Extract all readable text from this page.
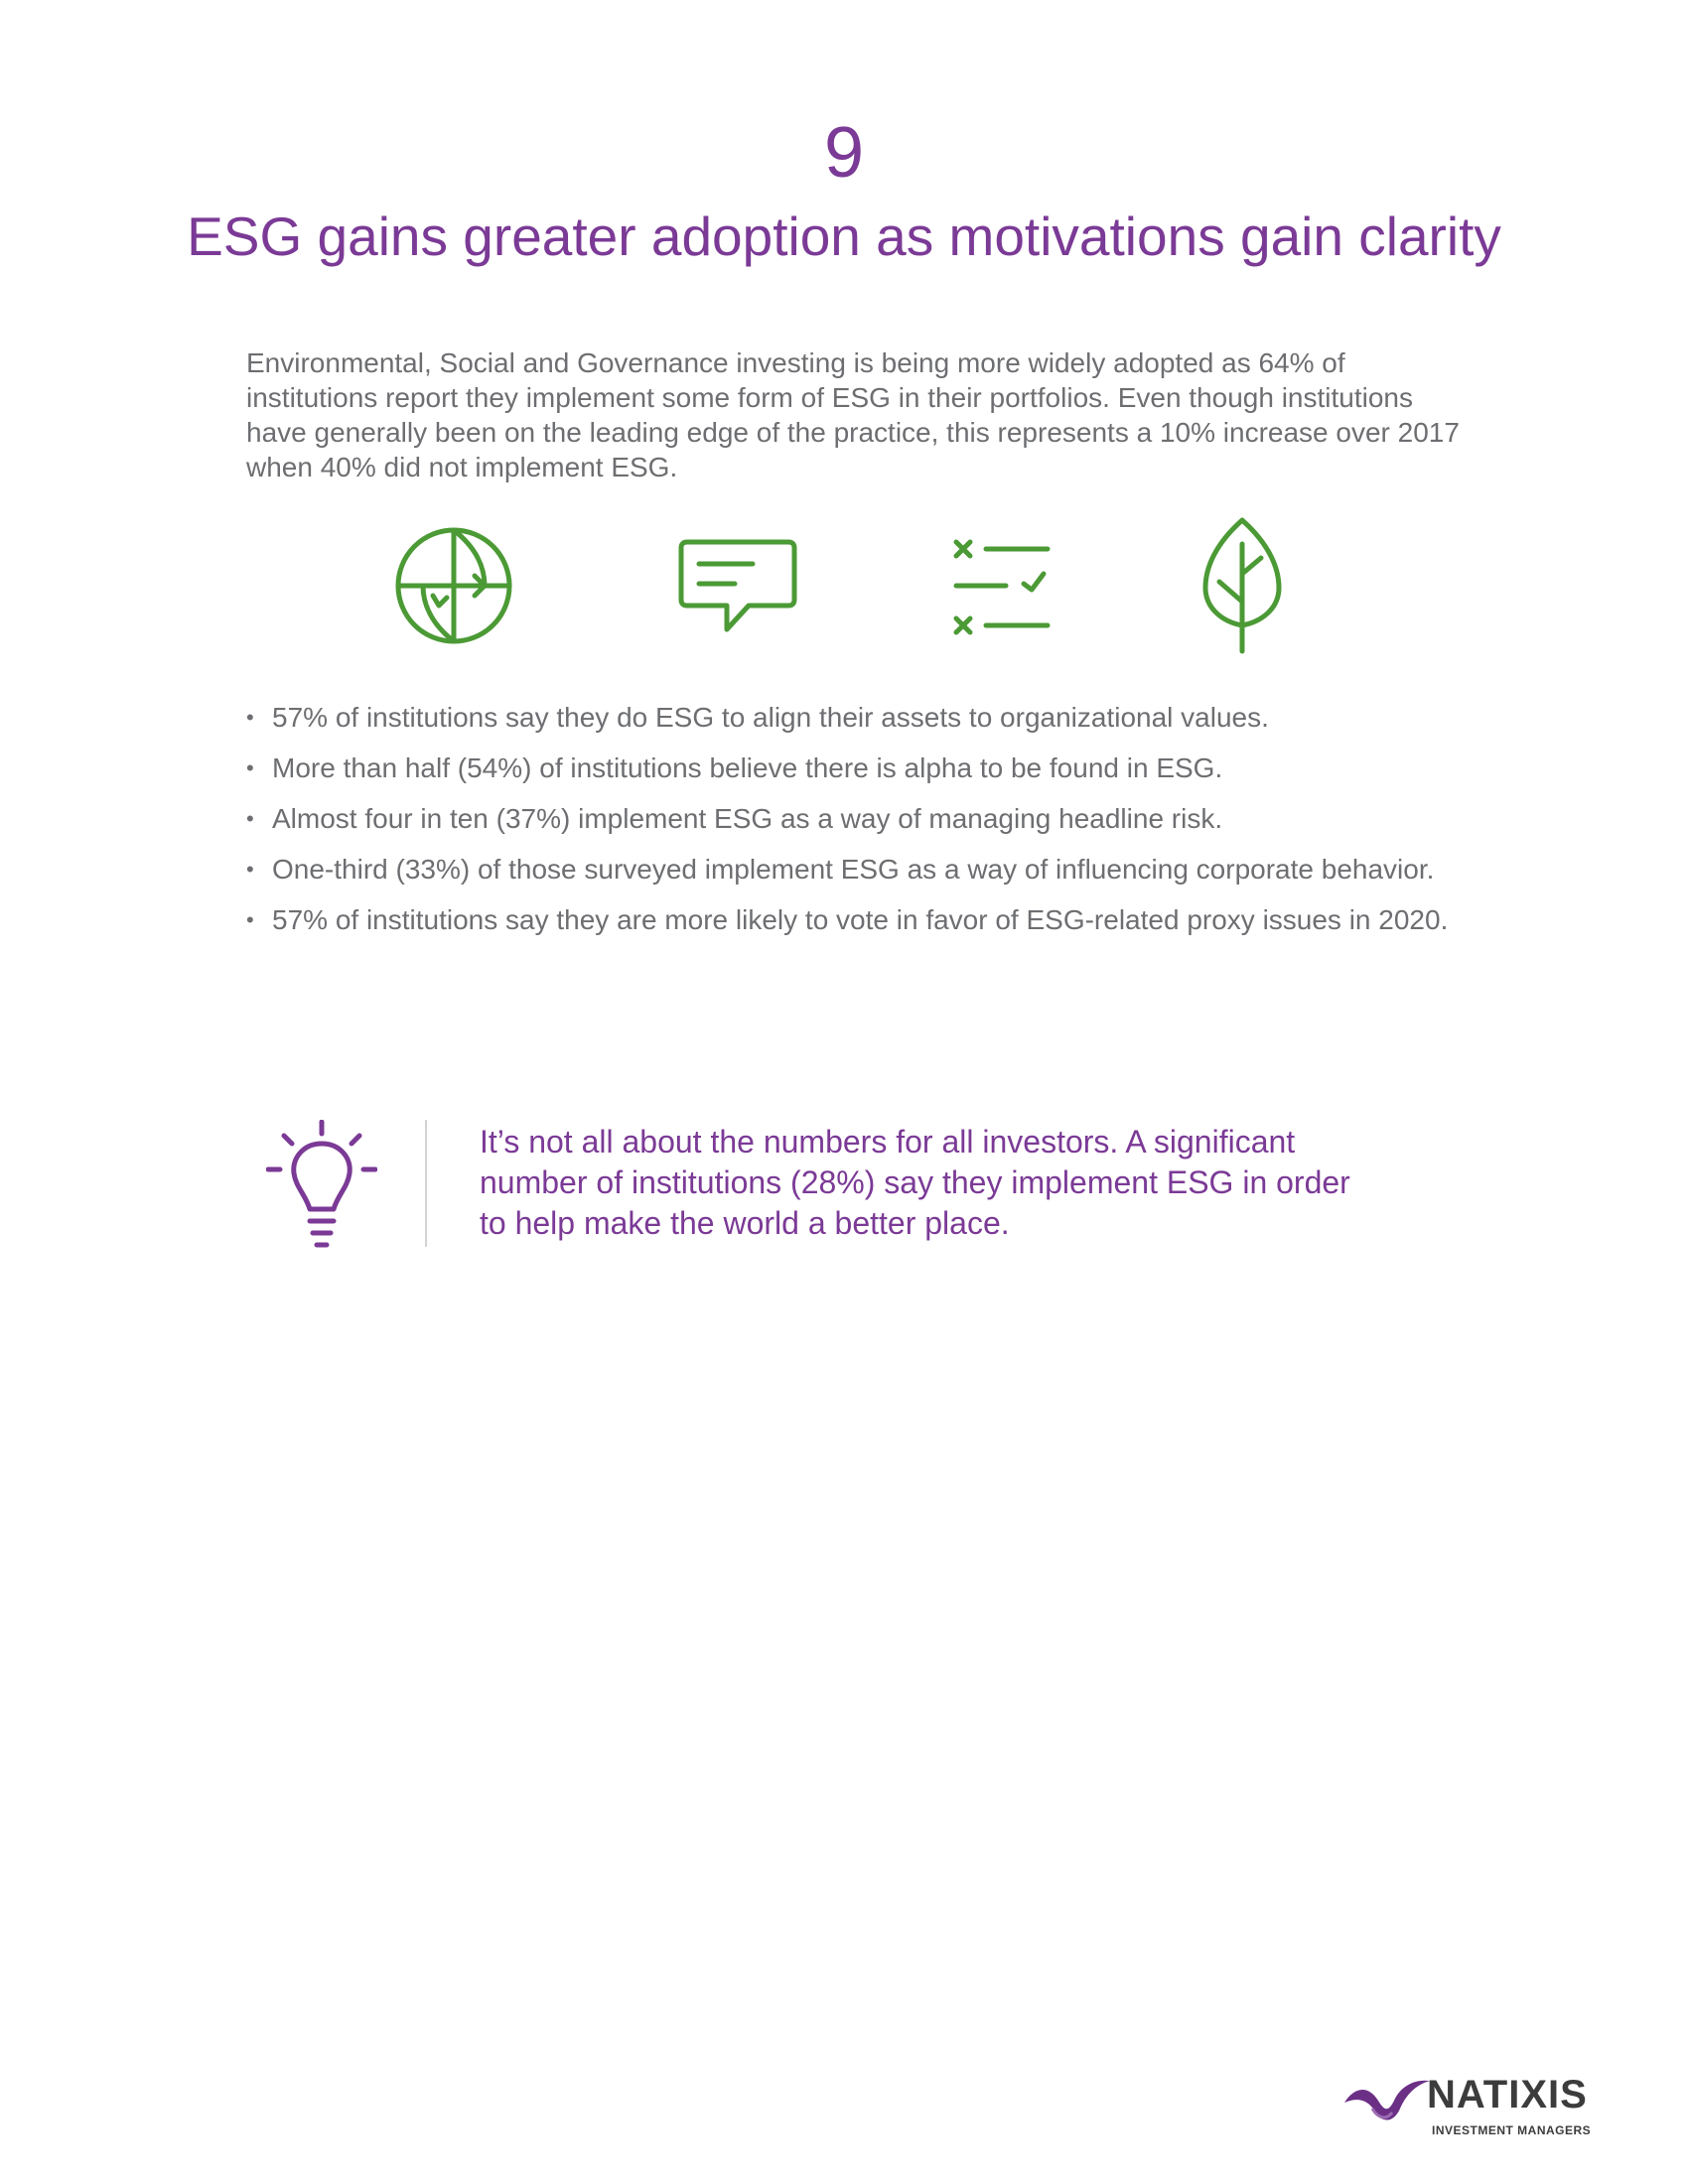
9
ESG gains greater adoption as motivations gain clarity

Environmental, Social and Governance investing is being more widely adopted as 64% of institutions report they implement some form of ESG in their portfolios. Even though institutions have generally been on the leading edge of the practice, this represents a 10% increase over 2017 when 40% did not implement ESG.

• 57% of institutions say they do ESG to align their assets to organizational values.
• More than half (54%) of institutions believe there is alpha to be found in ESG.
• Almost four in ten (37%) implement ESG as a way of managing headline risk.
• One-third (33%) of those surveyed implement ESG as a way of influencing corporate behavior.
• 57% of institutions say they are more likely to vote in favor of ESG-related proxy issues in 2020.

It’s not all about the numbers for all investors. A significant number of institutions (28%) say they implement ESG in order to help make the world a better place.

NATIXIS
INVESTMENT MANAGERS
